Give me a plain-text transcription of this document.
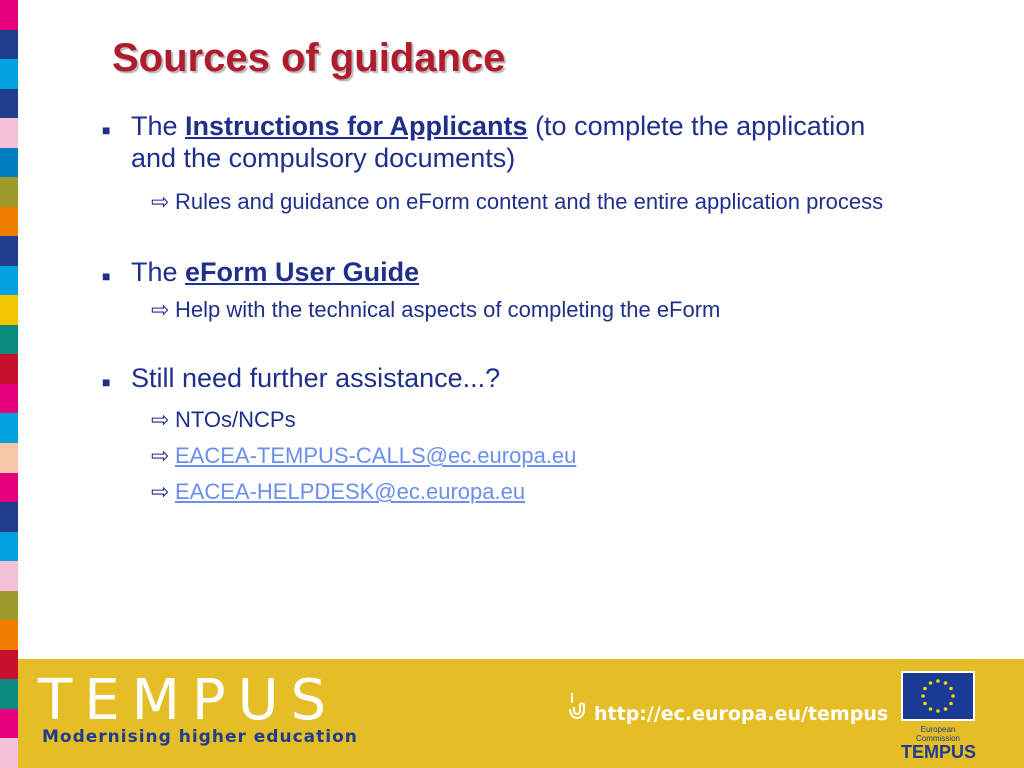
Sources of guidance
■ The Instructions for Applicants (to complete the application and the compulsory documents)
⇨ Rules and guidance on eForm content and the entire application process
■ The eForm User Guide
⇨ Help with the technical aspects of completing the eForm
■ Still need further assistance...?
⇨ NTOs/NCPs
⇨ EACEA-TEMPUS-CALLS@ec.europa.eu
⇨ EACEA-HELPDESK@ec.europa.eu
TEMPUS
Modernising higher education
http://ec.europa.eu/tempus
European Commission
TEMPUS
